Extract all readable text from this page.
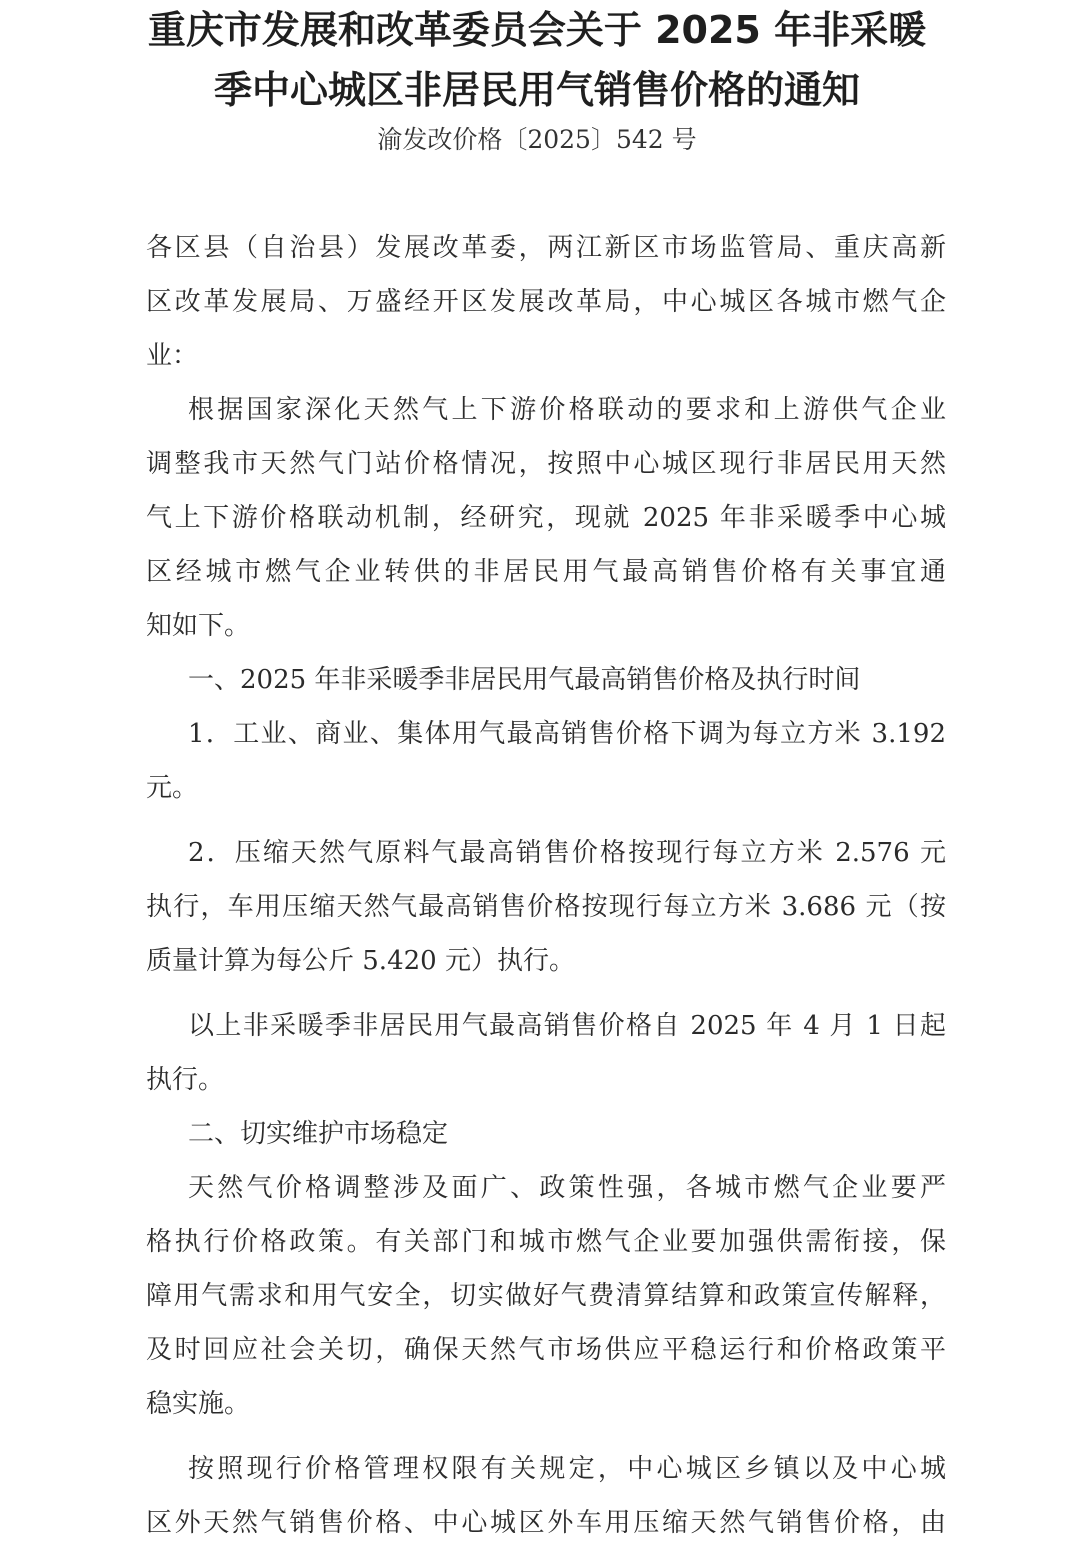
重庆市发展和改革委员会关于 2025 年非采暖
季中心城区非居民用气销售价格的通知
渝发改价格〔2025〕542 号

各区县（自治县）发展改革委，两江新区市场监管局、重庆高新
区改革发展局、万盛经开区发展改革局，中心城区各城市燃气企
业：

根据国家深化天然气上下游价格联动的要求和上游供气企业
调整我市天然气门站价格情况，按照中心城区现行非居民用天然
气上下游价格联动机制，经研究，现就 2025 年非采暖季中心城
区经城市燃气企业转供的非居民用气最高销售价格有关事宜通
知如下。

一、2025 年非采暖季非居民用气最高销售价格及执行时间

1．工业、商业、集体用气最高销售价格下调为每立方米 3.192
元。

2．压缩天然气原料气最高销售价格按现行每立方米 2.576 元
执行，车用压缩天然气最高销售价格按现行每立方米 3.686 元（按
质量计算为每公斤 5.420 元）执行。

以上非采暖季非居民用气最高销售价格自 2025 年 4 月 1 日起
执行。

二、切实维护市场稳定

天然气价格调整涉及面广、政策性强，各城市燃气企业要严
格执行价格政策。有关部门和城市燃气企业要加强供需衔接，保
障用气需求和用气安全，切实做好气费清算结算和政策宣传解释，
及时回应社会关切，确保天然气市场供应平稳运行和价格政策平
稳实施。

按照现行价格管理权限有关规定，中心城区乡镇以及中心城
区外天然气销售价格、中心城区外车用压缩天然气销售价格，由
